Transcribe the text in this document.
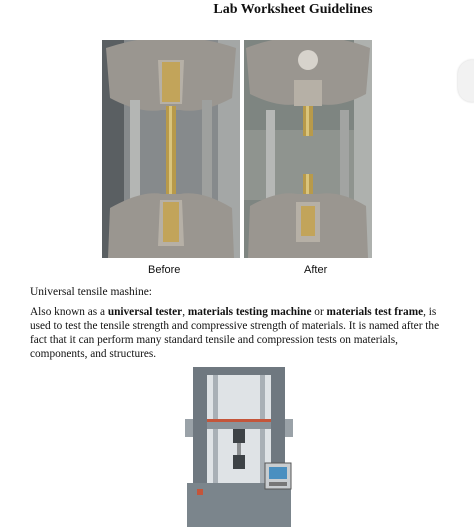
Lab Worksheet Guidelines
Before	After
Universal tensile mashine:

Also known as a universal tester, materials testing machine or materials test frame, is used to test the tensile strength and compressive strength of materials. It is named after the fact that it can perform many standard tensile and compression tests on materials, components, and structures.
